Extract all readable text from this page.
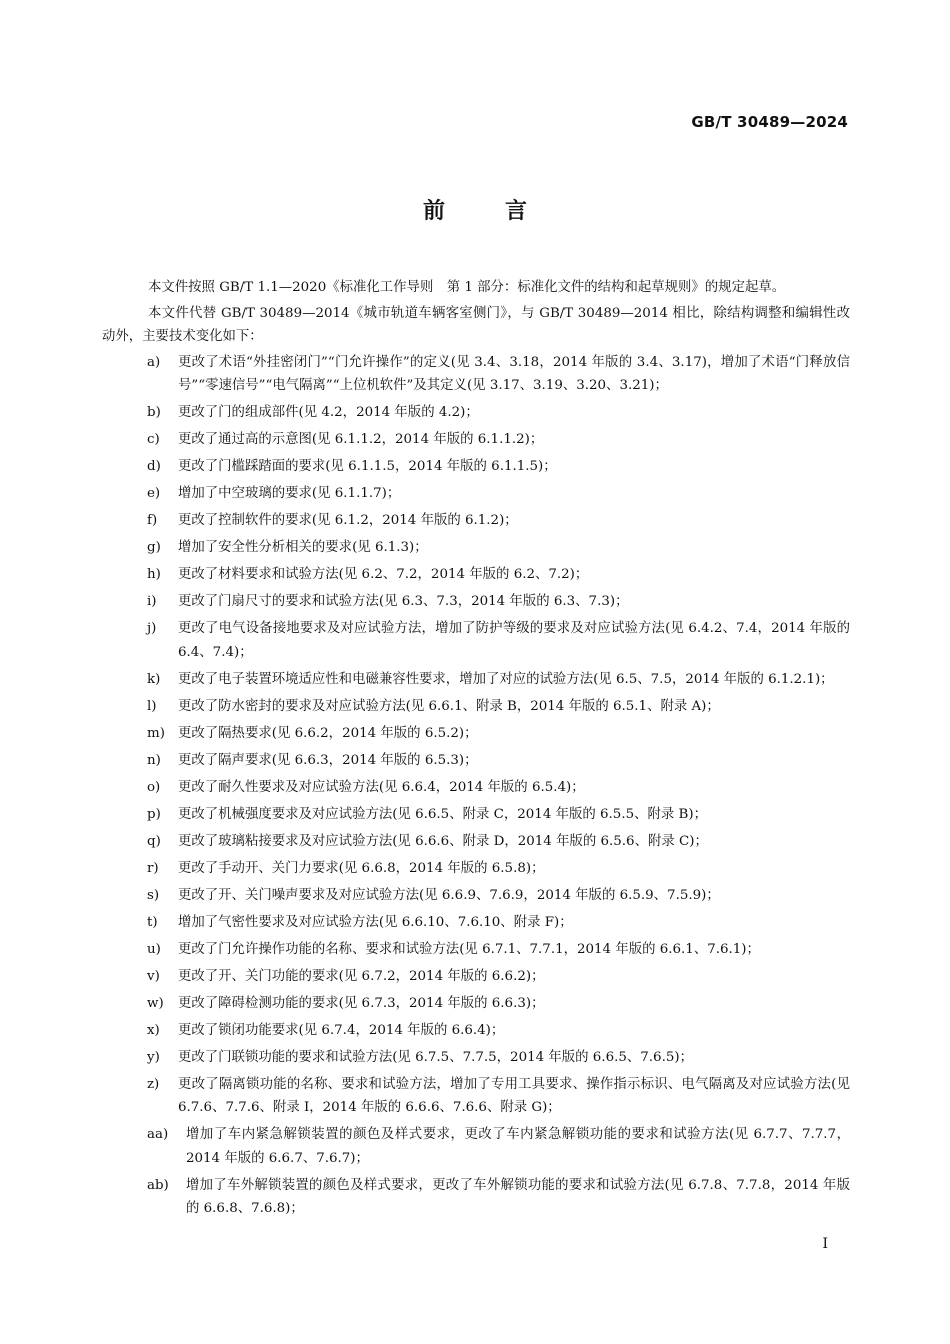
GB/T 30489—2024
前言

本文件按照 GB/T 1.1—2020《标准化工作导则　第 1 部分：标准化文件的结构和起草规则》的规定起草。

本文件代替 GB/T 30489—2014《城市轨道车辆客室侧门》，与 GB/T 30489—2014 相比，除结构调整和编辑性改动外，主要技术变化如下：

a) 更改了术语“外挂密闭门”“门允许操作”的定义(见 3.4、3.18，2014 年版的 3.4、3.17)，增加了术语“门释放信号”“零速信号”“电气隔离”“上位机软件”及其定义(见 3.17、3.19、3.20、3.21)；
b) 更改了门的组成部件(见 4.2，2014 年版的 4.2)；
c) 更改了通过高的示意图(见 6.1.1.2，2014 年版的 6.1.1.2)；
d) 更改了门槛踩踏面的要求(见 6.1.1.5，2014 年版的 6.1.1.5)；
e) 增加了中空玻璃的要求(见 6.1.1.7)；
f) 更改了控制软件的要求(见 6.1.2，2014 年版的 6.1.2)；
g) 增加了安全性分析相关的要求(见 6.1.3)；
h) 更改了材料要求和试验方法(见 6.2、7.2，2014 年版的 6.2、7.2)；
i) 更改了门扇尺寸的要求和试验方法(见 6.3、7.3，2014 年版的 6.3、7.3)；
j) 更改了电气设备接地要求及对应试验方法，增加了防护等级的要求及对应试验方法(见 6.4.2、7.4，2014 年版的 6.4、7.4)；
k) 更改了电子装置环境适应性和电磁兼容性要求，增加了对应的试验方法(见 6.5、7.5，2014 年版的 6.1.2.1)；
l) 更改了防水密封的要求及对应试验方法(见 6.6.1、附录 B，2014 年版的 6.5.1、附录 A)；
m) 更改了隔热要求(见 6.6.2，2014 年版的 6.5.2)；
n) 更改了隔声要求(见 6.6.3，2014 年版的 6.5.3)；
o) 更改了耐久性要求及对应试验方法(见 6.6.4，2014 年版的 6.5.4)；
p) 更改了机械强度要求及对应试验方法(见 6.6.5、附录 C，2014 年版的 6.5.5、附录 B)；
q) 更改了玻璃粘接要求及对应试验方法(见 6.6.6、附录 D，2014 年版的 6.5.6、附录 C)；
r) 更改了手动开、关门力要求(见 6.6.8，2014 年版的 6.5.8)；
s) 更改了开、关门噪声要求及对应试验方法(见 6.6.9、7.6.9，2014 年版的 6.5.9、7.5.9)；
t) 增加了气密性要求及对应试验方法(见 6.6.10、7.6.10、附录 F)；
u) 更改了门允许操作功能的名称、要求和试验方法(见 6.7.1、7.7.1，2014 年版的 6.6.1、7.6.1)；
v) 更改了开、关门功能的要求(见 6.7.2，2014 年版的 6.6.2)；
w) 更改了障碍检测功能的要求(见 6.7.3，2014 年版的 6.6.3)；
x) 更改了锁闭功能要求(见 6.7.4，2014 年版的 6.6.4)；
y) 更改了门联锁功能的要求和试验方法(见 6.7.5、7.7.5，2014 年版的 6.6.5、7.6.5)；
z) 更改了隔离锁功能的名称、要求和试验方法，增加了专用工具要求、操作指示标识、电气隔离及对应试验方法(见 6.7.6、7.7.6、附录 I，2014 年版的 6.6.6、7.6.6、附录 G)；
aa) 增加了车内紧急解锁装置的颜色及样式要求，更改了车内紧急解锁功能的要求和试验方法(见 6.7.7、7.7.7，2014 年版的 6.6.7、7.6.7)；
ab) 增加了车外解锁装置的颜色及样式要求，更改了车外解锁功能的要求和试验方法(见 6.7.8、7.7.8，2014 年版的 6.6.8、7.6.8)；
I
